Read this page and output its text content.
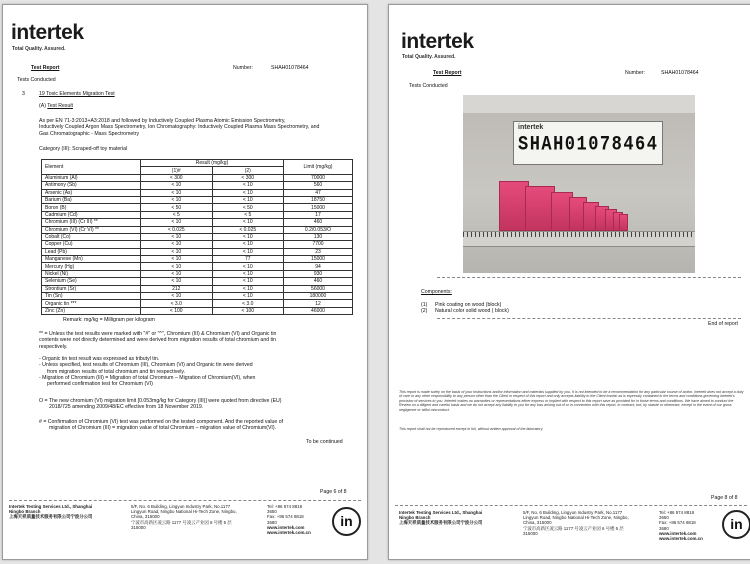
intertek
Total Quality. Assured.
Test Report	Number:	SHAH01078464
Tests Conducted
3	19 Toxic Elements Migration Test
(A) Test Result
As per EN 71-3:2013+A3:2018 and followed by Inductively Coupled Plasma Atomic Emission Spectrometry,
Inductively Coupled Argon Mass Spectrometry, Ion Chromatography: Inductively Coupled Plasma Mass Spectrometry, and
Gas Chromatographic - Mass Spectrometry
Category (III): Scraped-off toy material
Element	Result (mg/kg)		Limit (mg/kg)
	(1)#	(2)	
Aluminium (Al)	< 300	< 300	70000
Antimony (Sb)	< 10	< 10	560
Arsenic (As)	< 10	< 10	47
Barium (Ba)	< 10	< 10	18750
Boron (B)	< 50	< 50	15000
Cadmium (Cd)	< 5	< 5	17
Chromium (III) (Cr III) **	< 10	< 10	460
Chromium (VI) (Cr VI) **	< 0.025	< 0.025	0.2/0.053/O
Cobalt (Co)	< 10	< 10	130
Copper (Cu)	< 10	< 10	7700
Lead (Pb)	< 10	< 10	23
Manganese (Mn)	< 10	77	15000
Mercury (Hg)	< 10	< 10	94
Nickel (Ni)	< 10	< 10	930
Selenium (Se)	< 10	< 10	460
Strontium (Sr)	212	< 10	56000
Tin (Sn)	< 10	< 10	180000
Organic tin ***	< 3.0	< 3.0	12
Zinc (Zn)	< 100	< 100	46000
Remark: mg/kg = Milligram per kilogram
** = Unless the test results were marked with "#" or "^", Chromium (III) & Chromium (VI) and Organic tin
contents were not directly determined and were derived from migration results of total chromium and tin
respectively.
- Organic tin test result was expressed as tributyl tin.
- Unless specified, test results of Chromium (III), Chromium (VI) and Organic tin were derived
from migration results of total chromium and tin respectively.
- Migration of Chromium (III) = Migration of total Chromium – Migration of Chromium(VI), when
performed confirmation test for Chromium (VI)
O = The new chromium (VI) migration limit [0.053mg/kg for Category (III)] were quoted from directive (EU)
2018/725 amending 2009/48/EC effective from 18 November 2019.
# = Confirmation of Chromium (VI) test was performed on the tested component. And the reported value of
migration of Chromium (III) = migration value of total Chromium – migration value of Chromium(VI).
To be continued
Page 6 of 8
Intertek Testing Services Ltd., Shanghai
Ningbo Branch
上海天祥质量技术服务有限公司宁波分公司
5/F, No. 6 Building, Lingyun Industry Park, No.1177
Lingyun Road, Ningbo National Hi-Tech Zone, Ningbo,
China, 315000
宁波市高新区凌云路 1177 号凌云产业园 6 号楼 5 层
315000
Tel: +86 574 8818
3650
Fax: +86 574 8818
3680
www.intertek.com
www.intertek.com.cn
in
intertek
Total Quality. Assured.
Test Report	Number:	SHAH01078464
Tests Conducted
intertek
SHAH01078464
Components:
(1) Pink coating on wood (block)
(2) Natural color solid wood ( block)
End of report
This report is made solely on the basis of your instructions and/or information and materials supplied by you. It is not intended to be a recommendation for any particular course of action. Intertek does not accept a duty of care or any other responsibility to any person other than the Client in respect of this report and only accepts liability to the Client insofar as is expressly contained in the terms and conditions governing Intertek's provision of services to you. Intertek makes no warranties or representations either express or implied with respect to this report save as provided for in those terms and conditions. We have aimed to conduct the Review on a diligent and careful basis and we do not accept any liability to you for any loss arising out of or in connection with this report, in contract, tort, by statute or otherwise, except in the event of our gross negligence or wilful misconduct.
This report shall not be reproduced except in full, without written approval of the laboratory.
Page 8 of 8
Intertek Testing Services Ltd., Shanghai
Ningbo Branch
上海天祥质量技术服务有限公司宁波分公司
5/F, No. 6 Building, Lingyun Industry Park, No.1177
Lingyun Road, Ningbo National Hi-Tech Zone, Ningbo,
China, 315000
宁波市高新区凌云路 1177 号凌云产业园 6 号楼 5 层
315000
Tel: +86 574 8818
3650
Fax: +86 574 8818
3680
www.intertek.com
www.intertek.com.cn
in
